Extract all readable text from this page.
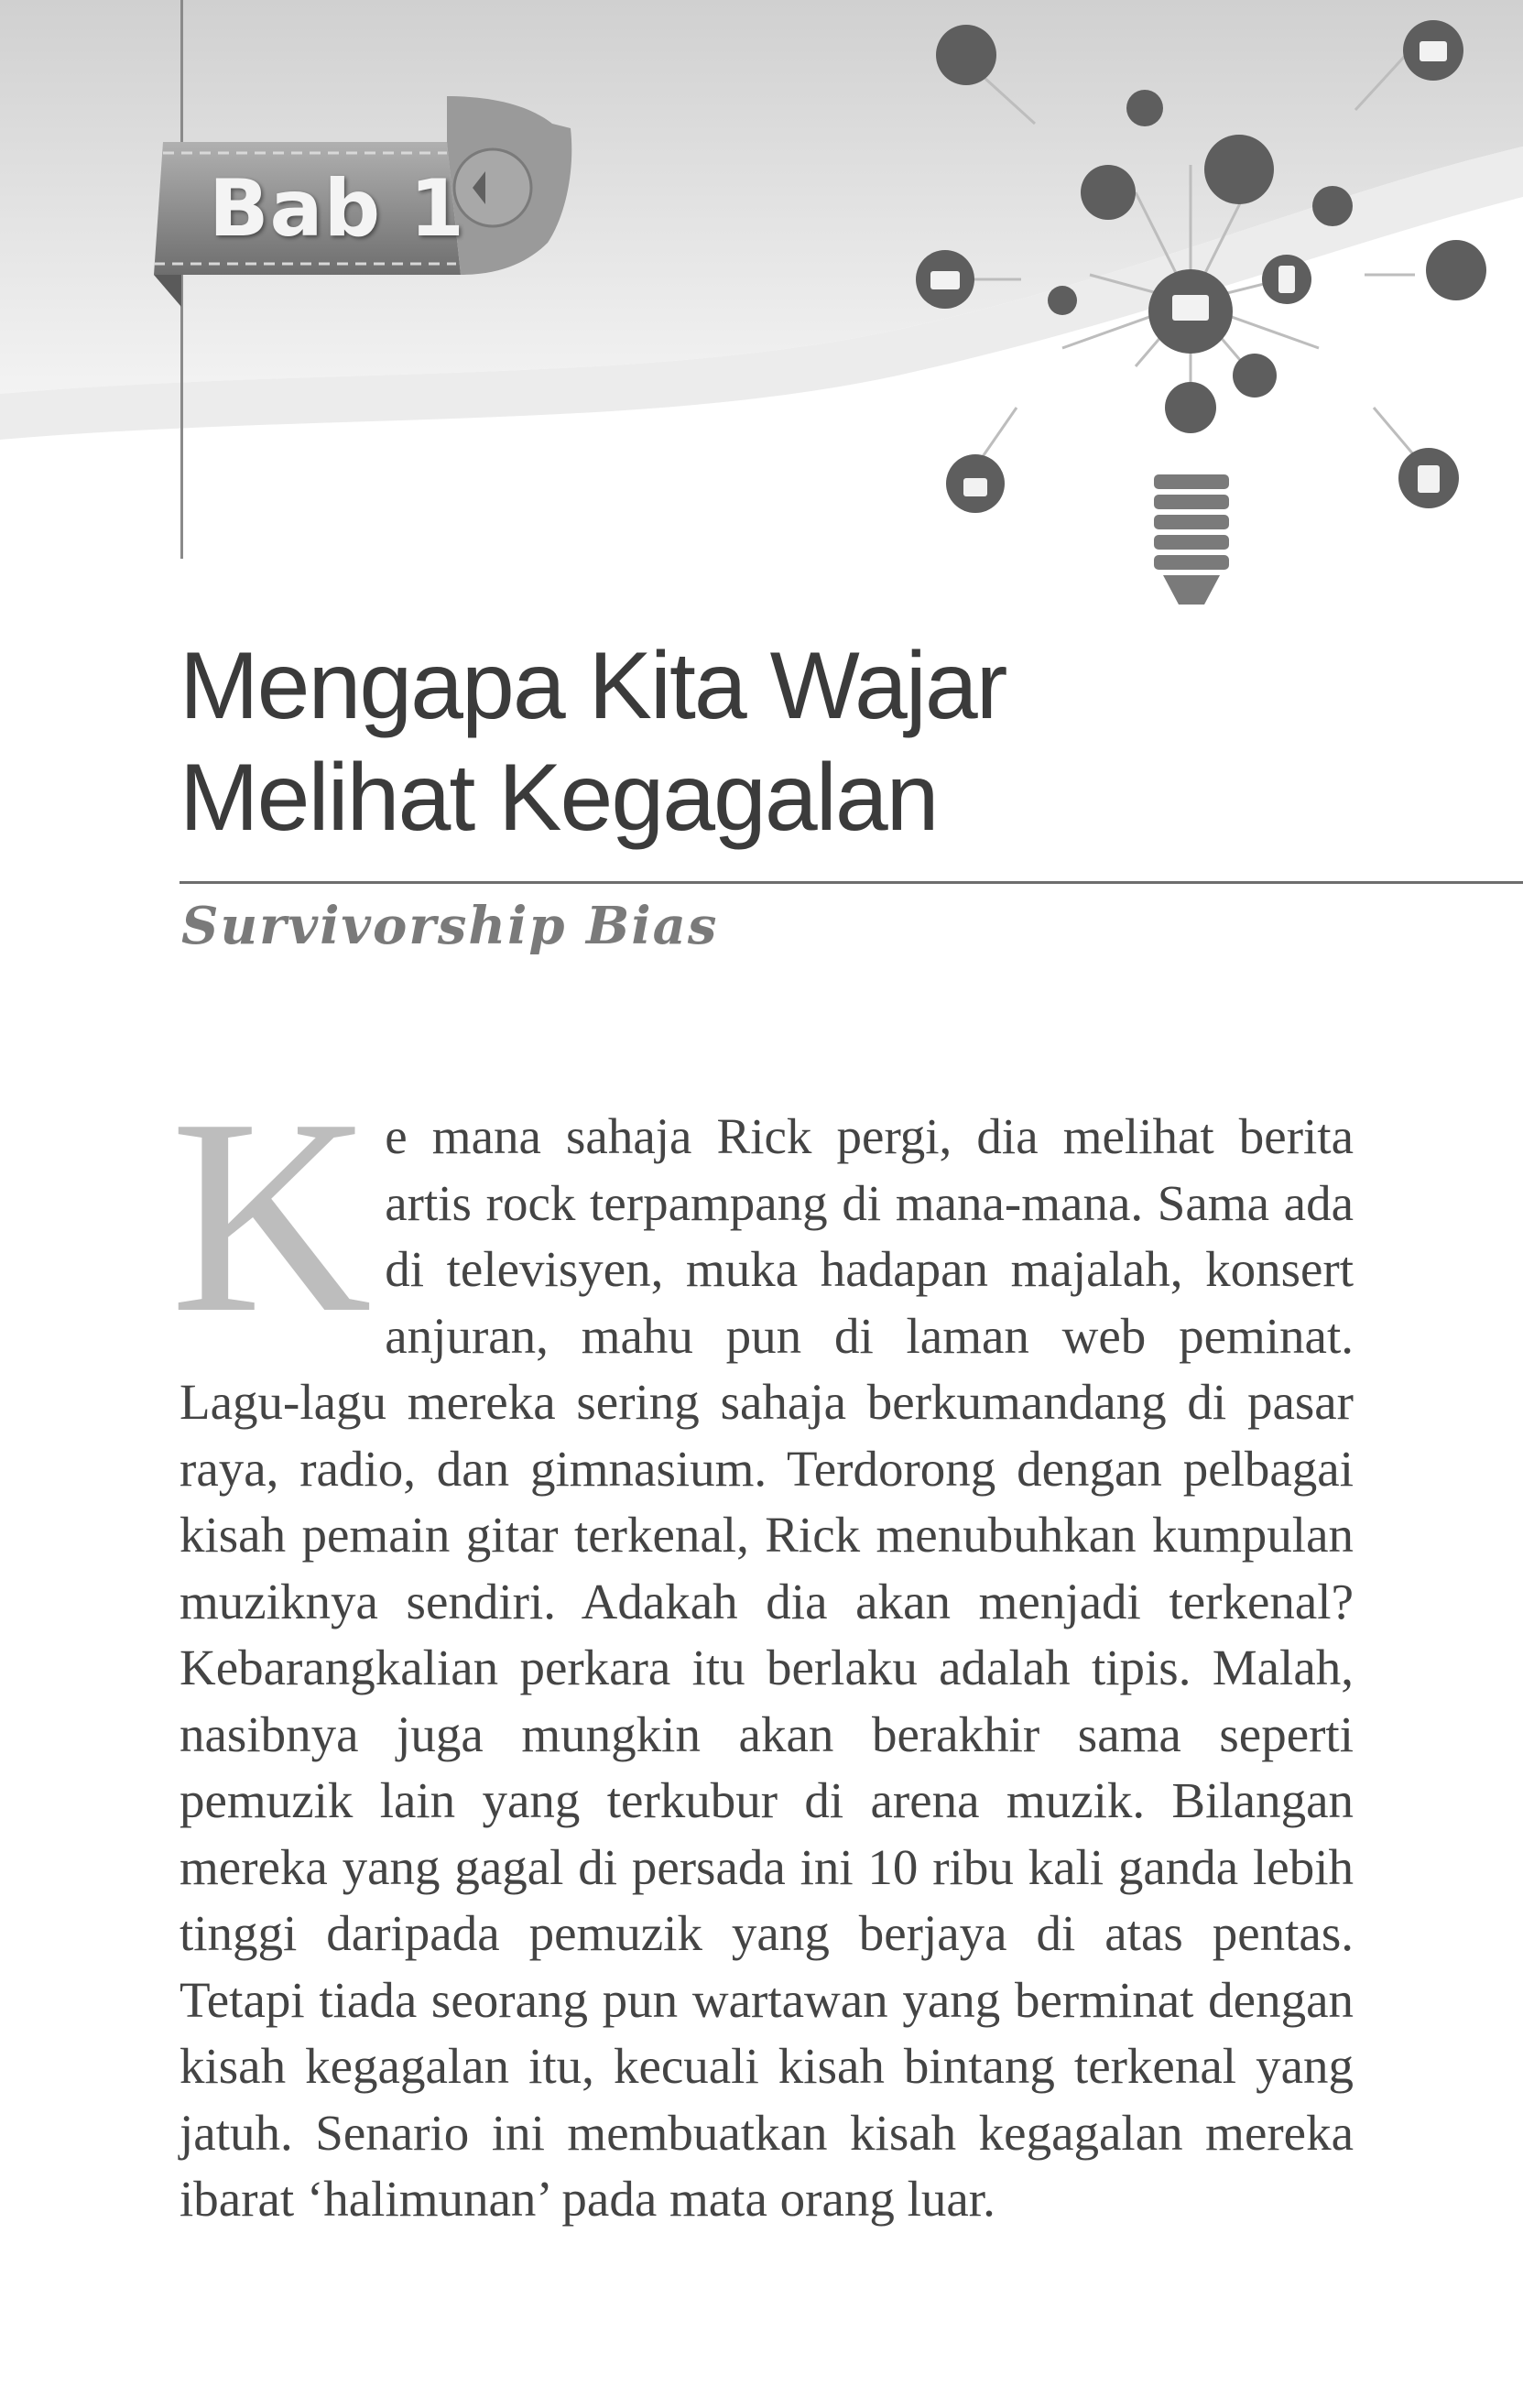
Bab 1
Mengapa Kita Wajar
Melihat Kegagalan
Survivorship Bias

Ke mana sahaja Rick pergi, dia melihat berita artis rock terpampang di mana-mana. Sama ada di televisyen, muka hadapan majalah, konsert anjuran, mahu pun di laman web peminat. Lagu-lagu mereka sering sahaja berkumandang di pasar raya, radio, dan gimnasium. Terdorong dengan pelbagai kisah pemain gitar terkenal, Rick menubuhkan kumpulan muziknya sendiri. Adakah dia akan menjadi terkenal? Kebarangkalian perkara itu berlaku adalah tipis. Malah, nasibnya juga mungkin akan berakhir sama seperti pemuzik lain yang terkubur di arena muzik. Bilangan mereka yang gagal di persada ini 10 ribu kali ganda lebih tinggi daripada pemuzik yang berjaya di atas pentas. Tetapi tiada seorang pun wartawan yang berminat dengan kisah kegagalan itu, kecuali kisah bintang terkenal yang jatuh. Senario ini membuatkan kisah kegagalan mereka ibarat ‘halimunan’ pada mata orang luar.
